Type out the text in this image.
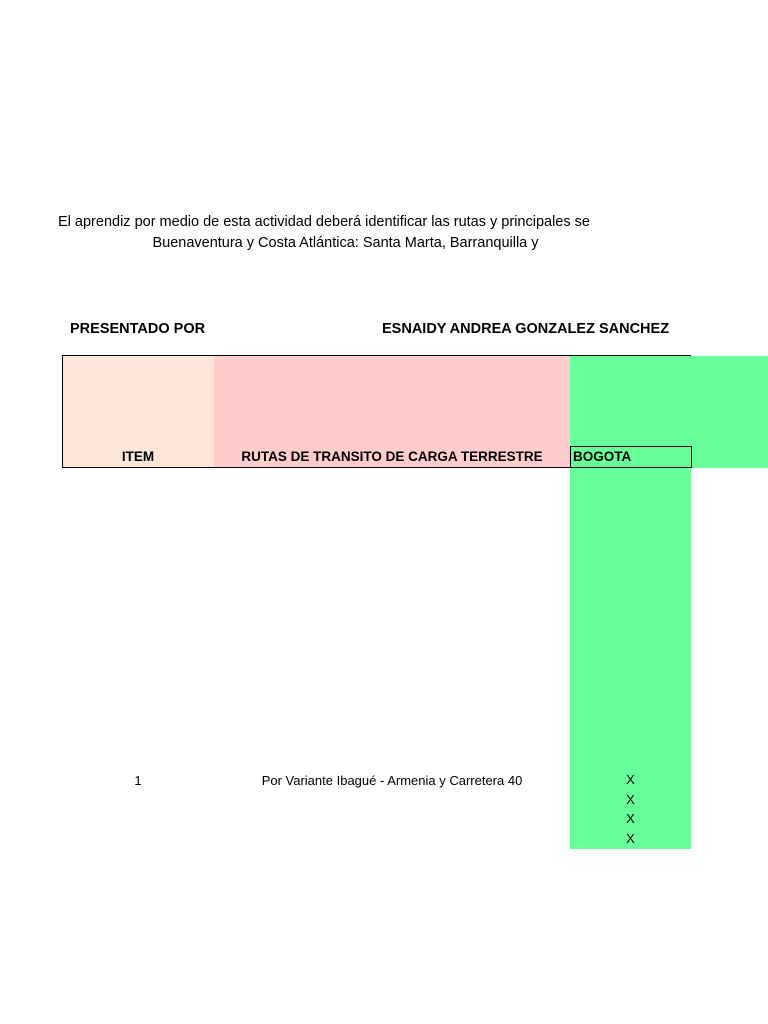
El aprendiz por medio de esta actividad deberá identificar las rutas y principales se
Buenaventura y Costa Atlántica: Santa Marta, Barranquilla y
PRESENTADO POR	ESNAIDY ANDREA GONZALEZ SANCHEZ
ITEM	RUTAS DE TRANSITO DE CARGA TERRESTRE	BOGOTA
1	Por Variante Ibagué - Armenia y Carretera 40	X
X
X
X
